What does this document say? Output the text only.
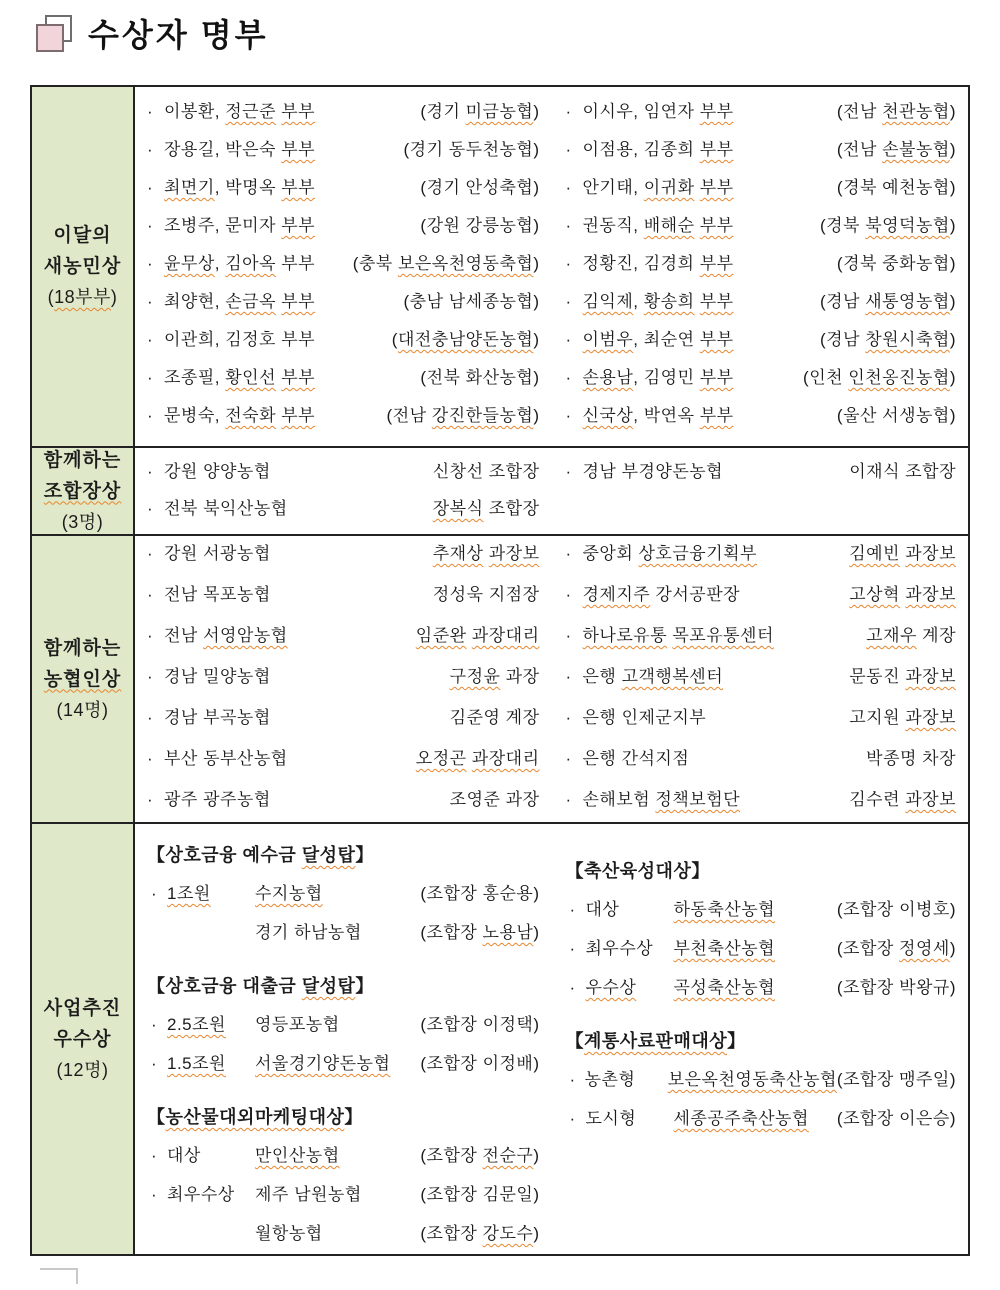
수상자 명부
이달의
새농민상
(18부부)
· 이봉환, 정근준 부부	(경기 미금농협)
· 장용길, 박은숙 부부	(경기 동두천농협)
· 최면기, 박명옥 부부	(경기 안성축협)
· 조병주, 문미자 부부	(강원 강릉농협)
· 윤무상, 김아옥 부부 (충북 보은옥천영동축협)
· 최양현, 손금옥 부부	(충남 남세종농협)
· 이관희, 김정호 부부	(대전충남양돈농협)
· 조종필, 황인선 부부	(전북 화산농협)
· 문병숙, 전숙화 부부	(전남 강진한들농협)
· 이시우, 임연자 부부	(전남 천관농협)
· 이점용, 김종희 부부	(전남 손불농협)
· 안기태, 이귀화 부부	(경북 예천농협)
· 권동직, 배해순 부부	(경북 북영덕농협)
· 정황진, 김경희 부부	(경북 중화농협)
· 김익제, 황송희 부부	(경남 새통영농협)
· 이범우, 최순연 부부	(경남 창원시축협)
· 손용남, 김영민 부부	(인천 인천옹진농협)
· 신국상, 박연옥 부부	(울산 서생농협)
함께하는
조합장상
(3명)
· 강원 양양농협	신창선 조합장
· 전북 북익산농협	장복식 조합장
· 경남 부경양돈농협	이재식 조합장
함께하는
농협인상
(14명)
· 강원 서광농협	추재상 과장보
· 전남 목포농협	정성욱 지점장
· 전남 서영암농협	임준완 과장대리
· 경남 밀양농협	구정윤 과장
· 경남 부곡농협	김준영 계장
· 부산 동부산농협	오정곤 과장대리
· 광주 광주농협	조영준 과장
· 중앙회 상호금융기획부	김예빈 과장보
· 경제지주 강서공판장	고상혁 과장보
· 하나로유통 목포유통센터	고재우 계장
· 은행 고객행복센터	문동진 과장보
· 은행 인제군지부	고지원 과장보
· 은행 간석지점	박종명 차장
· 손해보험 정책보험단	김수련 과장보
사업추진
우수상
(12명)
【상호금융 예수금 달성탑】
· 1조원	수지농협	(조합장 홍순용)
경기 하남농협	(조합장 노용남)
【상호금융 대출금 달성탑】
· 2.5조원	영등포농협	(조합장 이정택)
· 1.5조원	서울경기양돈농협 (조합장 이정배)
【농산물대외마케팅대상】
· 대상	만인산농협	(조합장 전순구)
· 최우수상	제주 남원농협	(조합장 김문일)
월항농협	(조합장 강도수)
【축산육성대상】
· 대상	하동축산농협	(조합장 이병호)
· 최우수상	부천축산농협	(조합장 정영세)
· 우수상	곡성축산농협	(조합장 박왕규)
【계통사료판매대상】
· 농촌형	보은옥천영동축산농협 (조합장 맹주일)
· 도시형	세종공주축산농협 (조합장 이은승)
